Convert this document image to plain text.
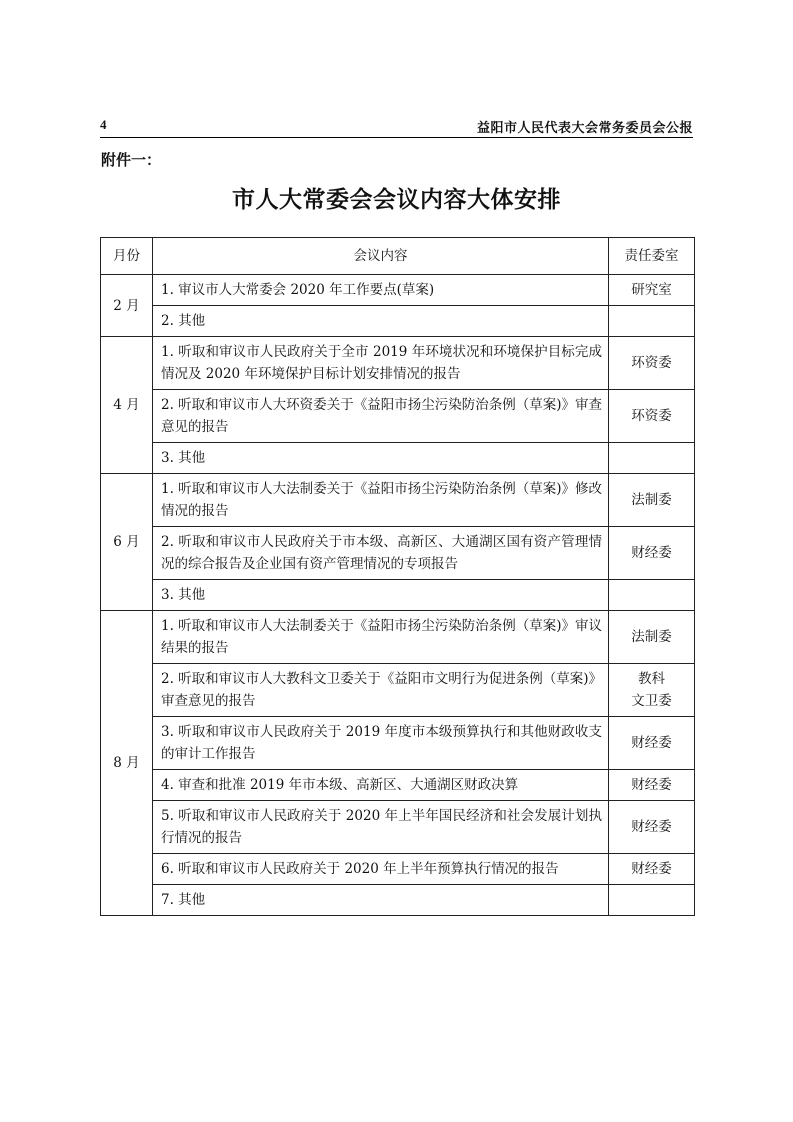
4	益阳市人民代表大会常务委员会公报
附件一：
市人大常委会会议内容大体安排
月份	会议内容	责任委室
2 月	1. 审议市人大常委会 2020 年工作要点(草案)	研究室
	2. 其他	
4 月	1. 听取和审议市人民政府关于全市 2019 年环境状况和环境保护目标完成情况及 2020 年环境保护目标计划安排情况的报告	环资委
	2. 听取和审议市人大环资委关于《益阳市扬尘污染防治条例（草案)》审查意见的报告	环资委
	3. 其他	
6 月	1. 听取和审议市人大法制委关于《益阳市扬尘污染防治条例（草案)》修改情况的报告	法制委
	2. 听取和审议市人民政府关于市本级、高新区、大通湖区国有资产管理情况的综合报告及企业国有资产管理情况的专项报告	财经委
	3. 其他	
8 月	1. 听取和审议市人大法制委关于《益阳市扬尘污染防治条例（草案)》审议结果的报告	法制委
	2. 听取和审议市人大教科文卫委关于《益阳市文明行为促进条例（草案)》审查意见的报告	教科
文卫委
	3. 听取和审议市人民政府关于 2019 年度市本级预算执行和其他财政收支的审计工作报告	财经委
	4. 审查和批准 2019 年市本级、高新区、大通湖区财政决算	财经委
	5. 听取和审议市人民政府关于 2020 年上半年国民经济和社会发展计划执行情况的报告	财经委
	6. 听取和审议市人民政府关于 2020 年上半年预算执行情况的报告	财经委
	7. 其他	
